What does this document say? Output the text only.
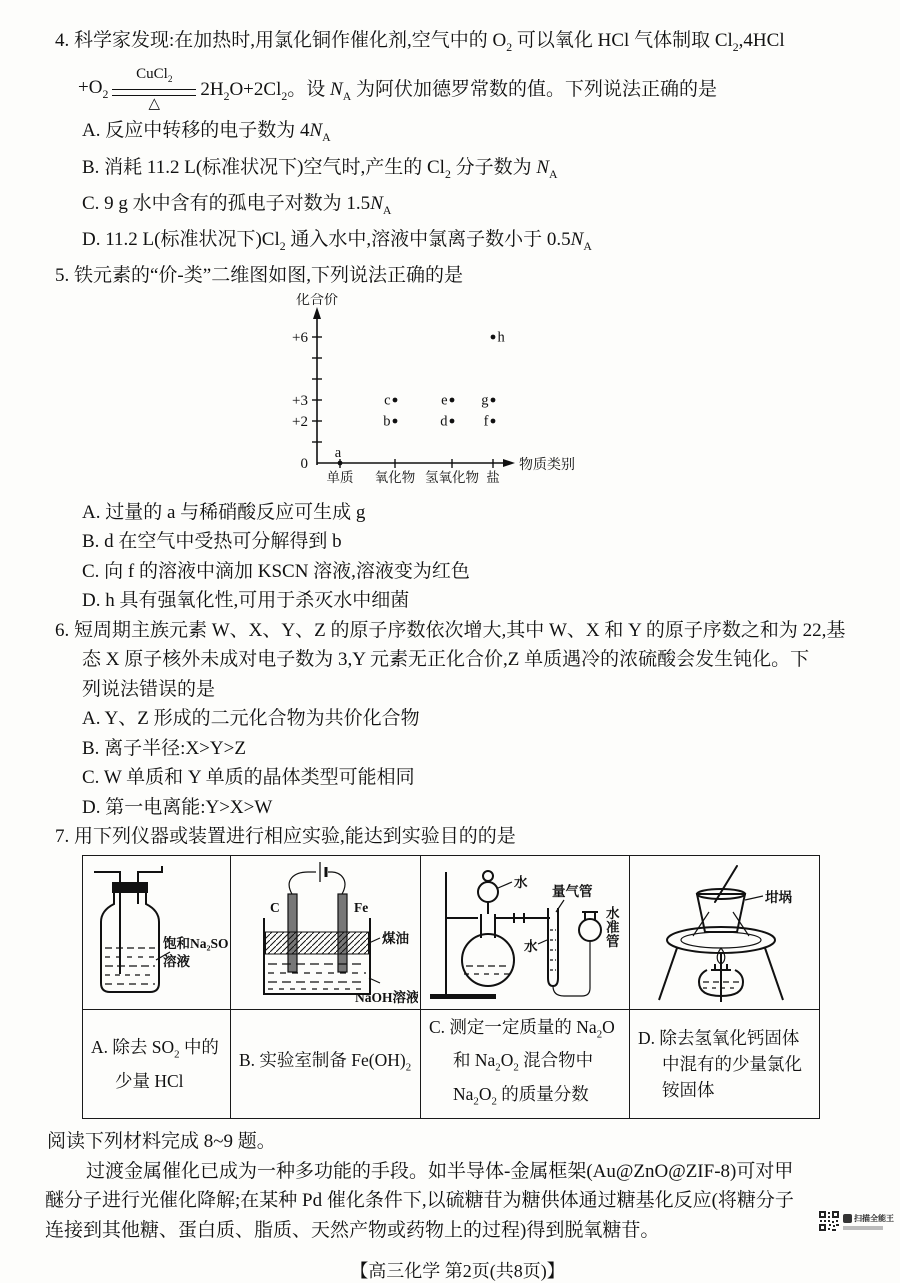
4. 科学家发现:在加热时,用氯化铜作催化剂,空气中的 $O_2$ 可以氧化 HCl 气体制取 $Cl_2,4HCl$
$+O_2$
CuCl$_2$
△
$2H_2O+2Cl_2$。设 $N_A$ 为阿伏加德罗常数的值。下列说法正确的是
A. 反应中转移的电子数为 $4N_A$
B. 消耗 11.2 L(标准状况下)空气时,产生的 $Cl_2$ 分子数为 $N_A$
C. 9 g 水中含有的孤电子对数为 $1.5N_A$
D. 11.2 L(标准状况下)$Cl_2$ 通入水中,溶液中氯离子数小于 $0.5N_A$
5. 铁元素的“价-类”二维图如图,下列说法正确的是
0
+2
+3
+6
单质 氧化物 氢氧化物 盐
化合价
物质类别
a
b
c
d
e
f
g
h
A. 过量的 a 与稀硝酸反应可生成 g
B. d 在空气中受热可分解得到 b
C. 向 f 的溶液中滴加 KSCN 溶液,溶液变为红色
D. h 具有强氧化性,可用于杀灭水中细菌
6. 短周期主族元素 W、X、Y、Z 的原子序数依次增大,其中 W、X 和 Y 的原子序数之和为 22,基
态 X 原子核外未成对电子数为 3,Y 元素无正化合价,Z 单质遇冷的浓硫酸会发生钝化。下
列说法错误的是
A. Y、Z 形成的二元化合物为共价化合物
B. 离子半径:X>Y>Z
C. W 单质和 Y 单质的晶体类型可能相同
D. 第一电离能:Y>X>W
7. 用下列仪器或装置进行相应实验,能达到实验目的的是
饱和Na₂SO₃
溶液	C Fe
煤油
NaOH溶液	水
量气管
水
水准管	坩埚

A. 除去 $SO_2$ 中的少量 HCl	B. 实验室制备 $Fe(OH)_2$	C. 测定一定质量的 $Na_2O$ 和 $Na_2O_2$ 混合物中 $Na_2O_2$ 的质量分数	D. 除去氢氧化钙固体中混有的少量氯化铵固体
阅读下列材料完成 8~9 题。
过渡金属催化已成为一种多功能的手段。如半导体-金属框架(Au@ZnO@ZIF-8)可对甲
醚分子进行光催化降解;在某种 Pd 催化条件下,以硫糖苷为糖供体通过糖基化反应(将糖分子
连接到其他糖、蛋白质、脂质、天然产物或药物上的过程)得到脱氧糖苷。
【高三化学 第2页(共8页)】
扫描全能王
